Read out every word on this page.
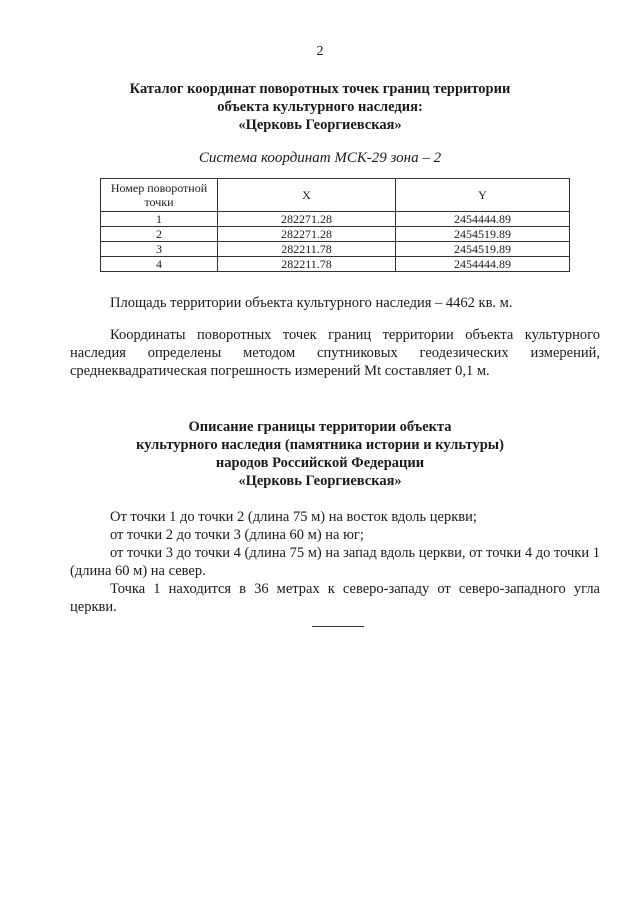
2
Каталог координат поворотных точек границ территории
объекта культурного наследия:
«Церковь Георгиевская»
Система координат МСК-29 зона – 2
Номер поворотной точки	X	Y
1	282271.28	2454444.89
2	282271.28	2454519.89
3	282211.78	2454519.89
4	282211.78	2454444.89
Площадь территории объекта культурного наследия – 4462 кв. м.
Координаты поворотных точек границ территории объекта культурного наследия определены методом спутниковых геодезических измерений, среднеквадратическая погрешность измерений Mt составляет 0,1 м.
Описание границы территории объекта
культурного наследия (памятника истории и культуры)
народов Российской Федерации
«Церковь Георгиевская»
От точки 1 до точки 2 (длина 75 м) на восток вдоль церкви;
от точки 2 до точки 3 (длина 60 м) на юг;
от точки 3 до точки 4 (длина 75 м) на запад вдоль церкви, от точки 4 до точки 1 (длина 60 м) на север.
Точка 1 находится в 36 метрах к северо-западу от северо-западного угла церкви.
